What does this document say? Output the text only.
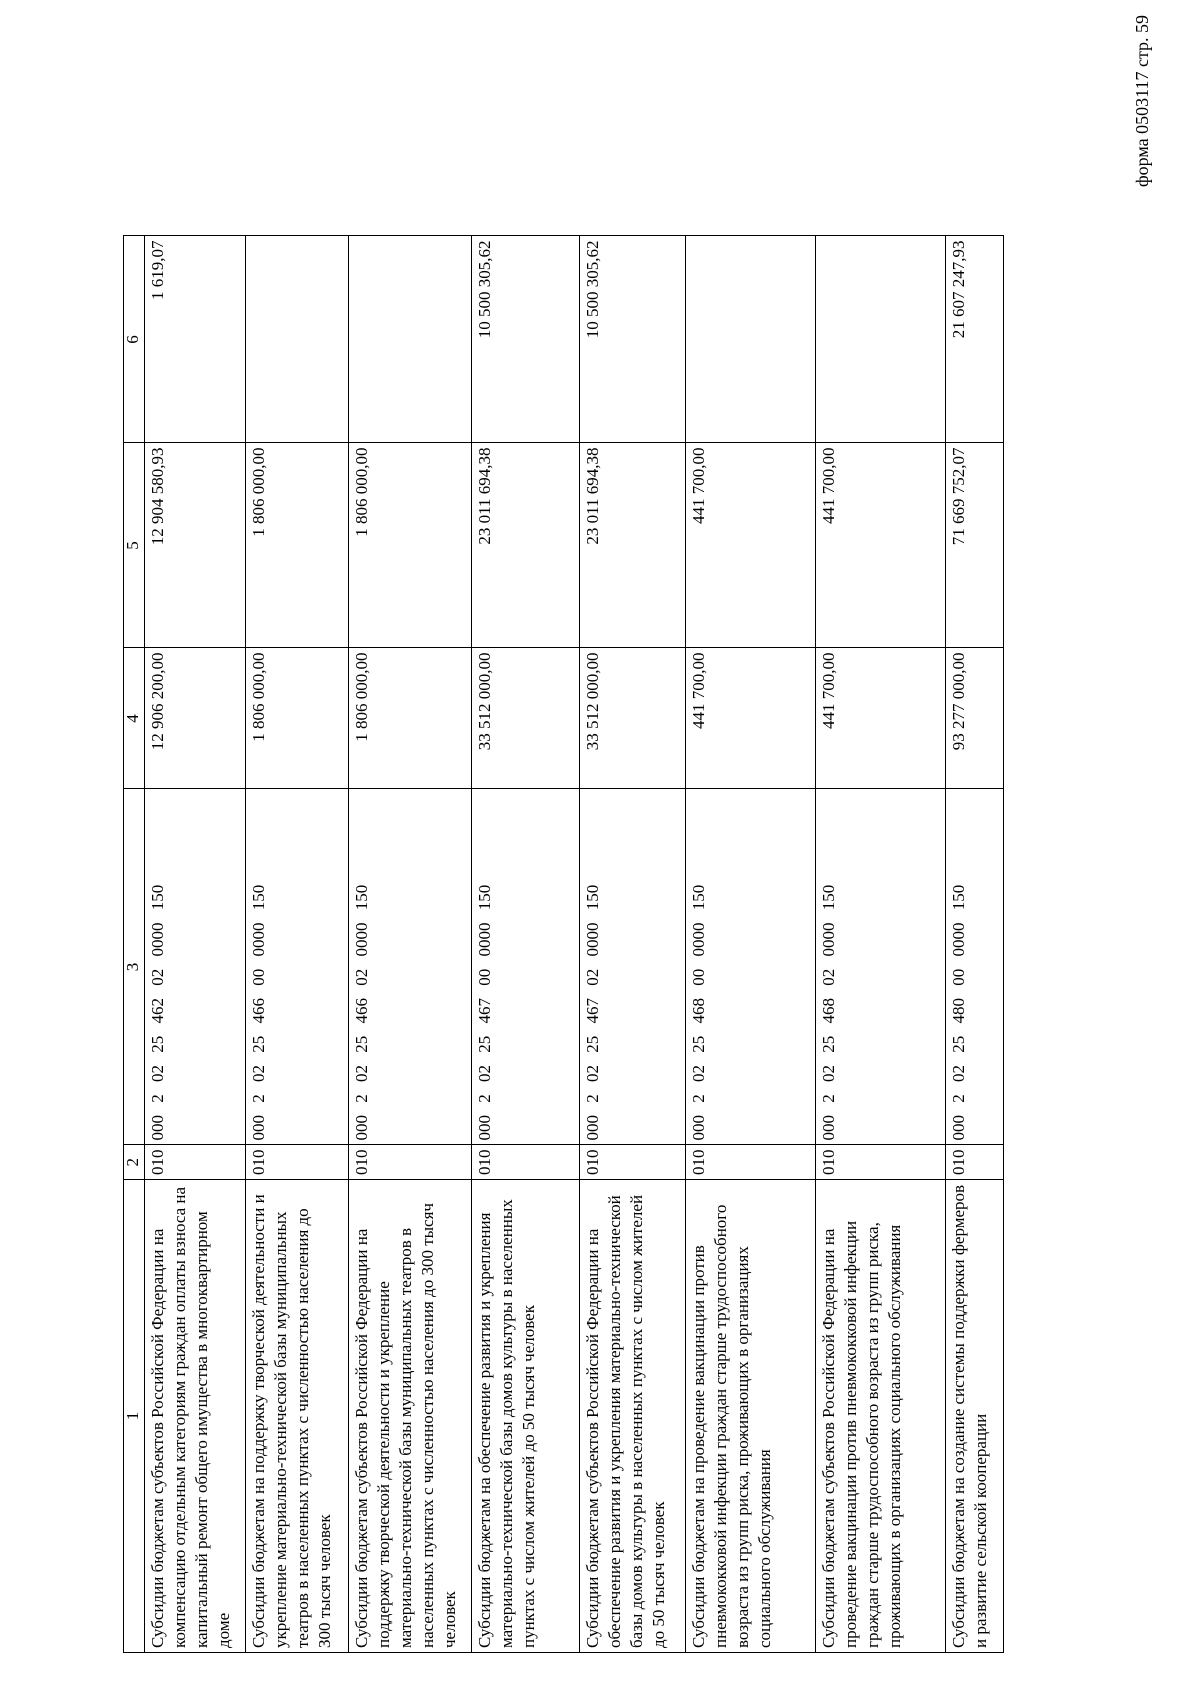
форма 0503117 стр. 59
1	2	3	4	5	6
Субсидии бюджетам субъектов Российской Федерации на компенсацию отдельным категориям граждан оплаты взноса на капитальный ремонт общего имущества в многоквартирном доме	010	000 2 02 25 462 02 0000 150	12 906 200,00	12 904 580,93	1 619,07
Субсидии бюджетам на поддержку творческой деятельности и укрепление материально-технической базы муниципальных театров в населенных пунктах с численностью населения до 300 тысяч человек	010	000 2 02 25 466 00 0000 150	1 806 000,00	1 806 000,00	
Субсидии бюджетам субъектов Российской Федерации на поддержку творческой деятельности и укрепление материально-технической базы муниципальных театров в населенных пунктах с численностью населения до 300 тысяч человек	010	000 2 02 25 466 02 0000 150	1 806 000,00	1 806 000,00	
Субсидии бюджетам на обеспечение развития и укрепления материально-технической базы домов культуры в населенных пунктах с числом жителей до 50 тысяч человек	010	000 2 02 25 467 00 0000 150	33 512 000,00	23 011 694,38	10 500 305,62
Субсидии бюджетам субъектов Российской Федерации на обеспечение развития и укрепления материально-технической базы домов культуры в населенных пунктах с числом жителей до 50 тысяч человек	010	000 2 02 25 467 02 0000 150	33 512 000,00	23 011 694,38	10 500 305,62
Субсидии бюджетам на проведение вакцинации против пневмококковой инфекции граждан старше трудоспособного возраста из групп риска, проживающих в организациях социального обслуживания	010	000 2 02 25 468 00 0000 150	441 700,00	441 700,00	
Субсидии бюджетам субъектов Российской Федерации на проведение вакцинации против пневмококковой инфекции граждан старше трудоспособного возраста из групп риска, проживающих в организациях социального обслуживания	010	000 2 02 25 468 02 0000 150	441 700,00	441 700,00	
Субсидии бюджетам на создание системы поддержки фермеров и развитие сельской кооперации	010	000 2 02 25 480 00 0000 150	93 277 000,00	71 669 752,07	21 607 247,93
